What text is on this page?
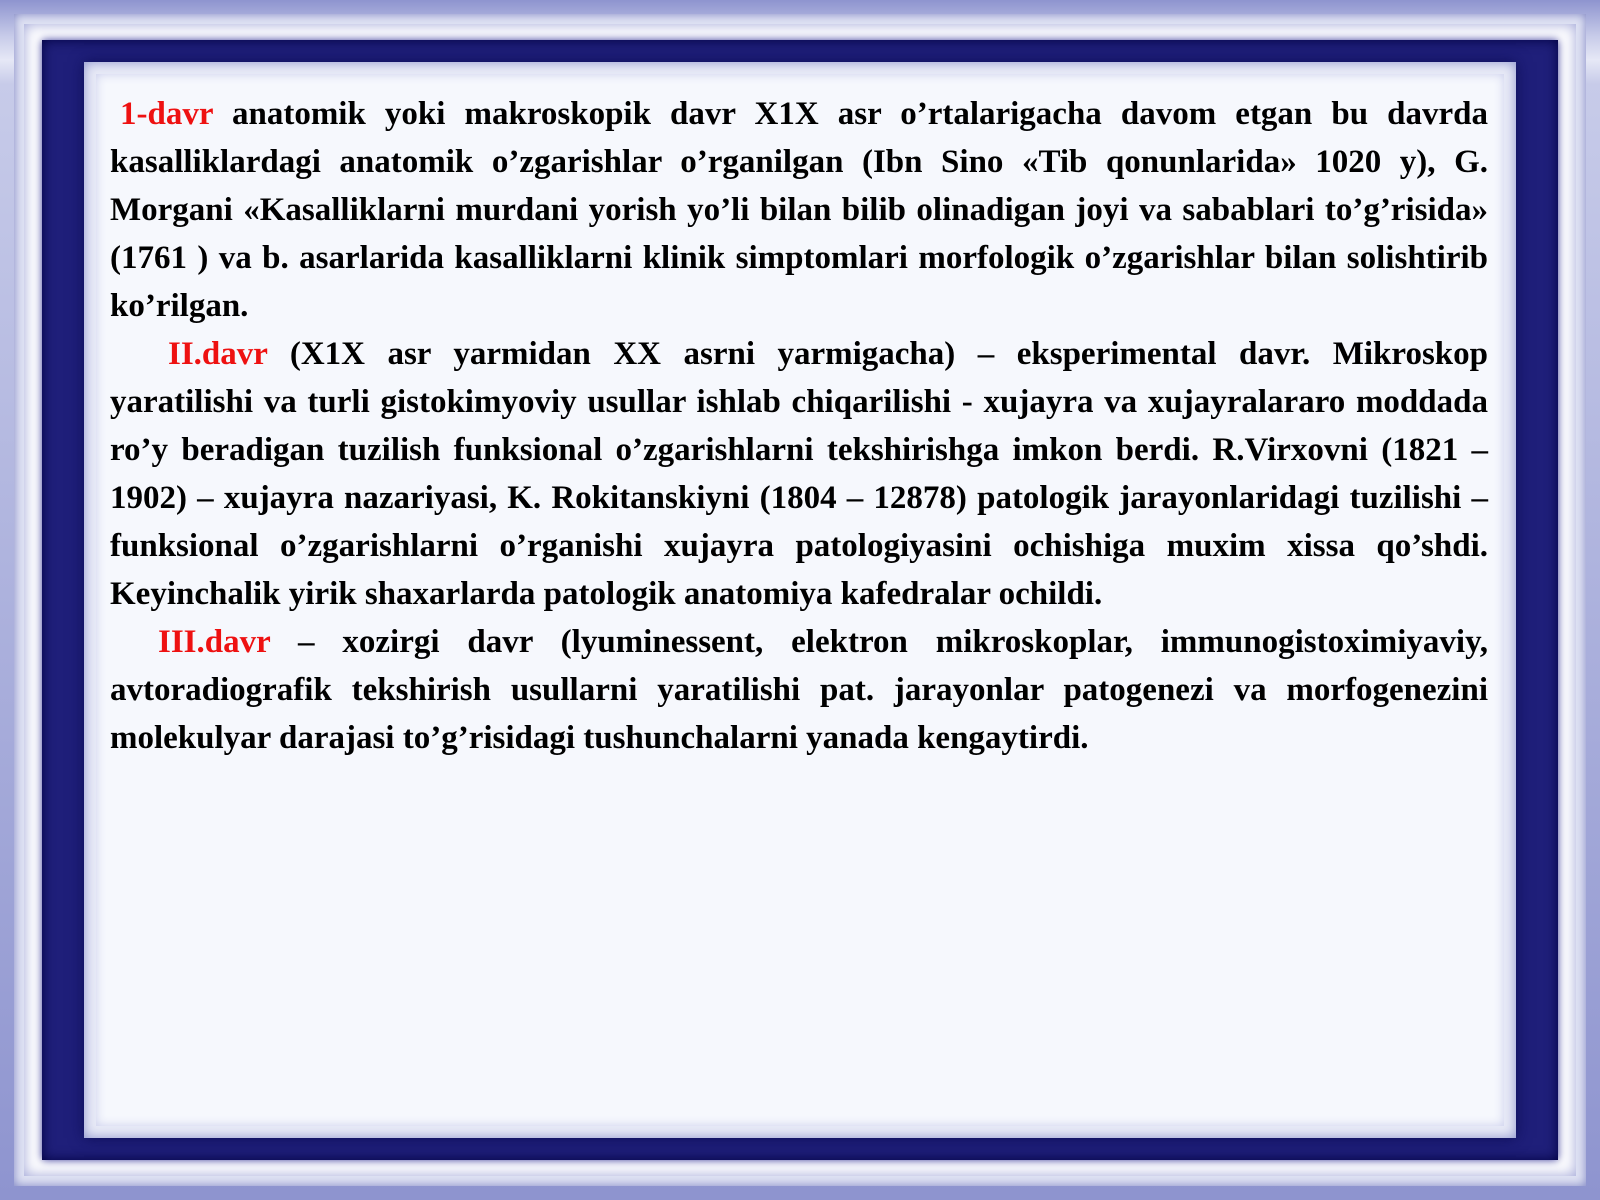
1-davr anatomik yoki makroskopik davr X1X asr o’rtalarigacha davom etgan bu davrda kasalliklardagi anatomik o’zgarishlar o’rganilgan (Ibn Sino «Tib qonunlarida» 1020 y), G. Morgani «Kasalliklarni murdani yorish yo’li bilan bilib olinadigan joyi va sabablari to’g’risida» (1761 ) va b. asarlarida kasalliklarni klinik simptomlari morfologik o’zgarishlar bilan solishtirib ko’rilgan.

II.davr (X1X asr yarmidan XX asrni yarmigacha) – eksperimental davr. Mikroskop yaratilishi va turli gistokimyoviy usullar ishlab chiqarilishi - xujayra va xujayralararo moddada ro’y beradigan tuzilish funksional o’zgarishlarni tekshirishga imkon berdi. R.Virxovni (1821 – 1902) – xujayra nazariyasi, K. Rokitanskiyni (1804 – 12878) patologik jarayonlaridagi tuzilishi – funksional o’zgarishlarni o’rganishi xujayra patologiyasini ochishiga muxim xissa qo’shdi. Keyinchalik yirik shaxarlarda patologik anatomiya kafedralar ochildi.

III.davr – xozirgi davr (lyuminessent, elektron mikroskoplar, immunogistoximiyaviy, avtoradiografik tekshirish usullarni yaratilishi pat. jarayonlar patogenezi va morfogenezini molekulyar darajasi to’g’risidagi tushunchalarni yanada kengaytirdi.
